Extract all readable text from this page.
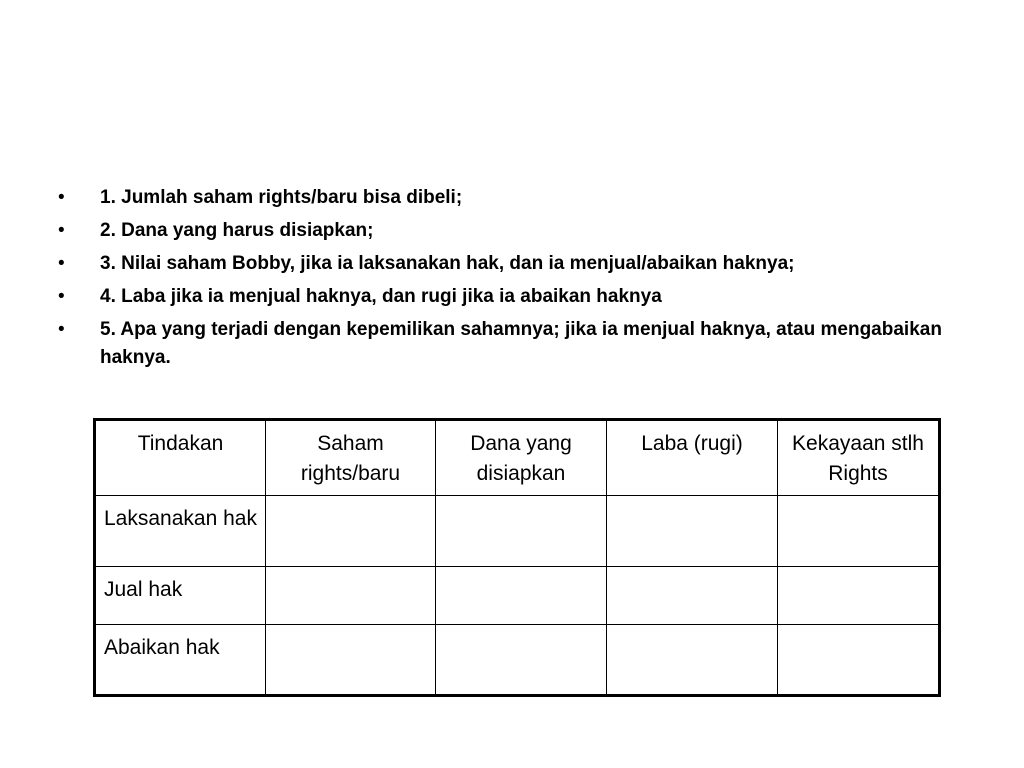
• 1. Jumlah saham rights/baru bisa dibeli;
• 2. Dana yang harus disiapkan;
• 3. Nilai saham Bobby, jika ia laksanakan hak, dan ia menjual/abaikan haknya;
• 4. Laba jika ia menjual haknya, dan rugi jika ia abaikan haknya
• 5. Apa yang terjadi dengan kepemilikan sahamnya; jika ia menjual haknya, atau mengabaikan haknya.
Tindakan	Saham rights/baru	Dana yang disiapkan	Laba (rugi)	Kekayaan stlh Rights
Laksanakan hak				
Jual hak				
Abaikan hak				
